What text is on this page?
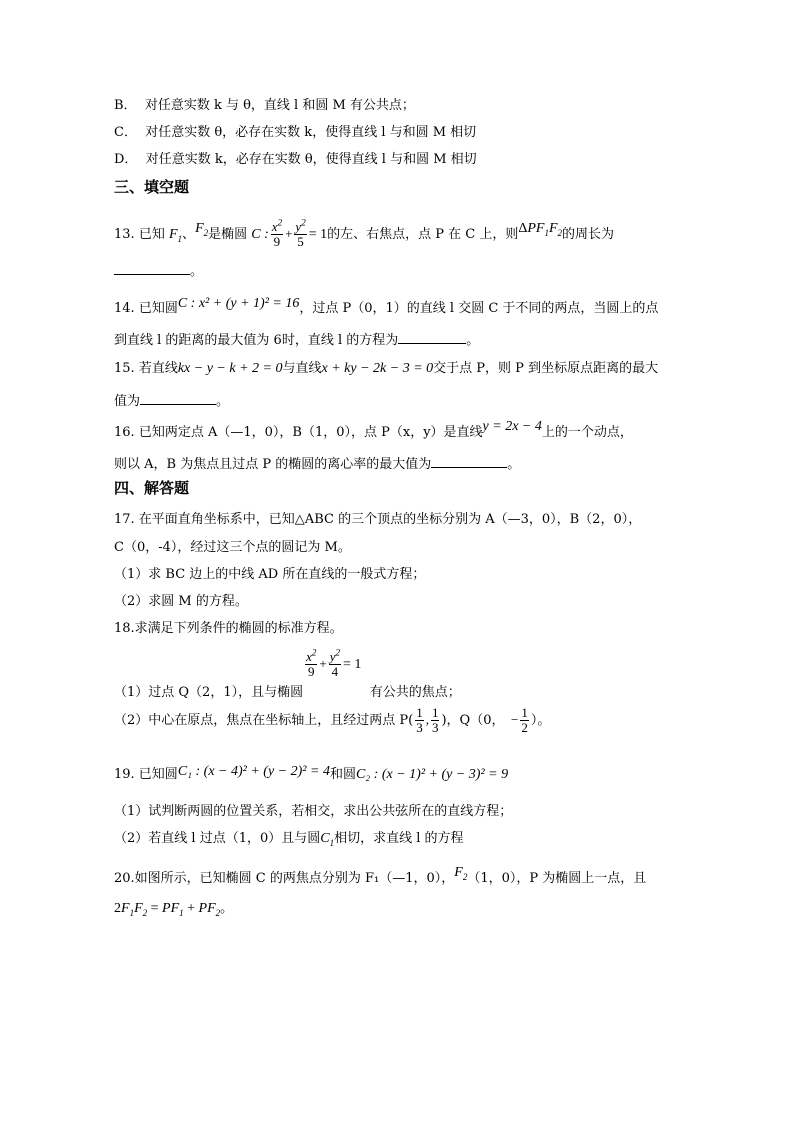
B． 对任意实数 k 与 θ，直线 l 和圆 M 有公共点；
C． 对任意实数 θ，必存在实数 k，使得直线 l 与和圆 M 相切
D． 对任意实数 k，必存在实数 θ，使得直线 l 与和圆 M 相切
三、填空题
13. 已知 $F_1$、$F_2$是椭圆 C : $\frac{x^2}{9} + \frac{y^2}{5} = 1$的左、右焦点，点 P 在 C 上，则$\Delta PF_1F_2$的周长为
。
14. 已知圆C : x² + (y + 1)² = 16，过点 P（0，1）的直线 l 交圆 C 于不同的两点，当圆上的点
到直线 l 的距离的最大值为 6时，直线 l 的方程为	。
15. 若直线kx − y − k + 2 = 0与直线x + ky − 2k − 3 = 0交于点 P，则 P 到坐标原点距离的最大
值为	。
16. 已知两定点 A（—1，0），B（1，0），点 P（x，y）是直线y = 2x − 4上的一个动点，
则以 A，B 为焦点且过点 P 的椭圆的离心率的最大值为	。
四、解答题
17. 在平面直角坐标系中，已知△ABC 的三个顶点的坐标分别为 A（—3，0），B（2，0），
C（0，-4），经过这三个点的圆记为 M。
（1）求 BC 边上的中线 AD 所在直线的一般式方程；
（2）求圆 M 的方程。
18.求满足下列条件的椭圆的标准方程。
（1）过点 Q（2，1），且与椭圆
$\frac{x^2}{9} + \frac{y^2}{4} = 1$  有公共的焦点；
（2）中心在原点，焦点在坐标轴上，且经过两点 $P( \frac{1}{3}$ , $\frac{1}{3}$ )，Q（0，  − $\frac{1}{2}$ ）。
19. 已知圆C₁ : (x − 4)² + (y − 2)² = 4和圆C₂ : (x − 1)² + (y − 3)² = 9
（1）试判断两圆的位置关系，若相交，求出公共弦所在的直线方程；
（2）若直线 l 过点（1，0）且与圆$C_1$相切，求直线 l 的方程
20.如图所示，已知椭圆 C 的两焦点分别为 F₁（—1，0），$F_2(1$，0），P 为椭圆上一点，且
$2F_1F_2 = PF_1 + PF_2$。
